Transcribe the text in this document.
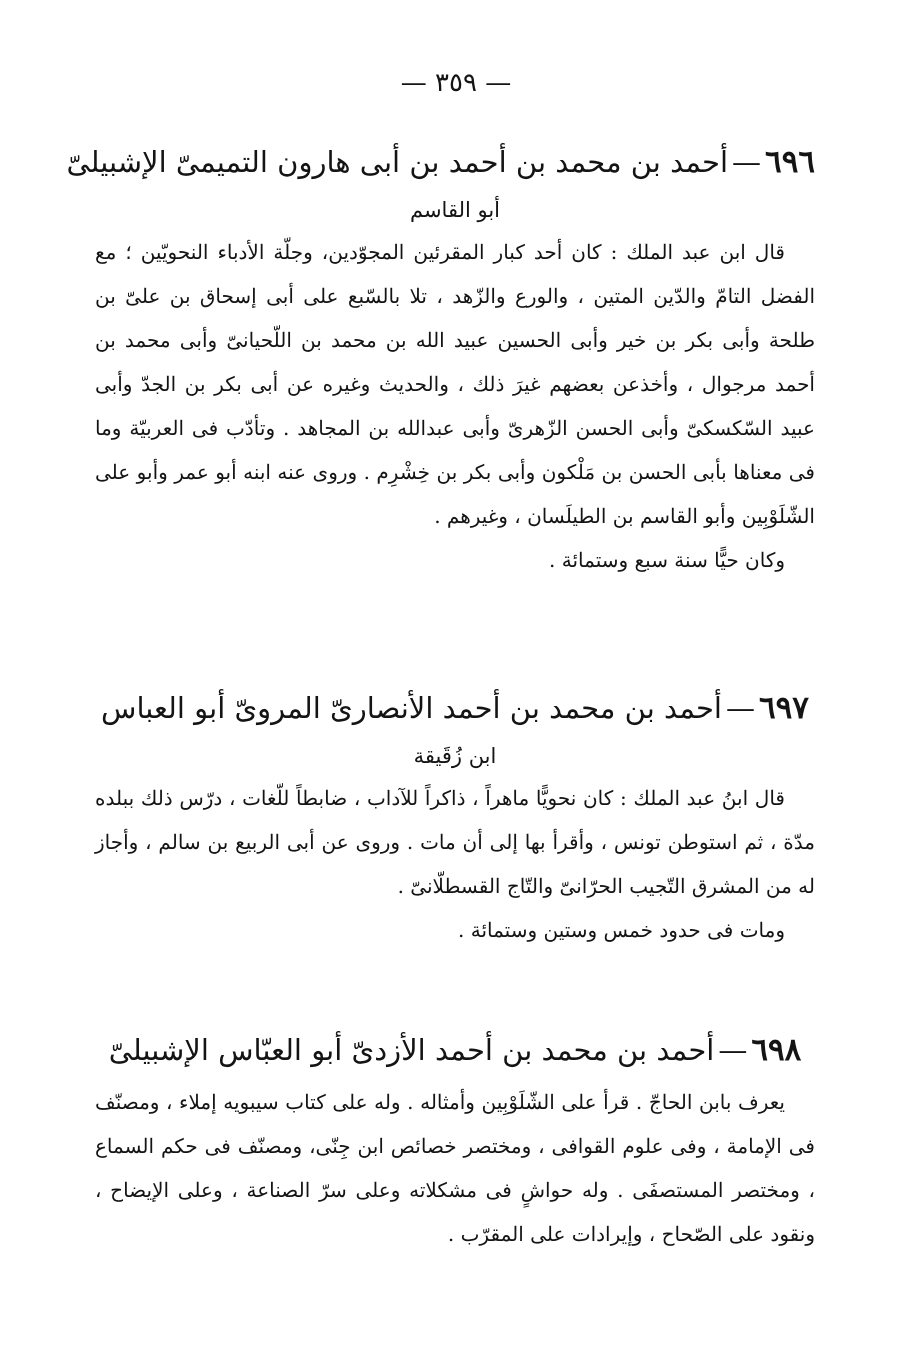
— ٣٥٩ —
٦٩٦—أحمد بن محمد بن أحمد بن أبى هارون التميمىّ الإشبيلىّ
أبو القاسم

قال ابن عبد الملك : كان أحد كبار المقرئين المجوّدين، وجلّة الأدباء النحويّين ؛ مع الفضل التامّ والدّين المتين ، والورع والزّهد ، تلا بالسّبع على أبى إسحاق بن علىّ بن طلحة وأبى بكر بن خير وأبى الحسين عبيد الله بن محمد بن اللّحيانىّ وأبى محمد بن أحمد مرجوال ، وأخذعن بعضهم غيرَ ذلك ، والحديث وغيره عن أبى بكر بن الجدّ وأبى عبيد السّكسكىّ وأبى الحسن الزّهرىّ وأبى عبدالله بن المجاهد . وتأدّب فى العربيّة وما فى معناها بأبى الحسن بن مَلْكون وأبى بكر بن خِشْرِم . وروى عنه ابنه أبو عمر وأبو على الشّلَوْبِين وأبو القاسم بن الطيلَسان ، وغيرهم .

وكان حيًّا سنة سبع وستمائة .

٦٩٧—أحمد بن محمد بن أحمد الأنصارىّ المروىّ أبو العباس
ابن زُقَيقة

قال ابنُ عبد الملك : كان نحويًّا ماهراً ، ذاكراً للآداب ، ضابطاً للّغات ، درّس ذلك ببلده مدّة ، ثم استوطن تونس ، وأقرأ بها إلى أن مات . وروى عن أبى الربيع بن سالم ، وأجاز له من المشرق التّجيب الحرّانىّ والتّاج القسطلّانىّ .

ومات فى حدود خمس وستين وستمائة .

٦٩٨—أحمد بن محمد بن أحمد الأزدىّ أبو العبّاس الإشبيلىّ

يعرف بابن الحاجّ . قرأ على الشّلَوْبِين وأمثاله . وله على كتاب سيبويه إملاء ، ومصنّف فى الإمامة ، وفى علوم القوافى ، ومختصر خصائص ابن جِنّى، ومصنّف فى حكم السماع ، ومختصر المستصفَى . وله حواشٍ فى مشكلاته وعلى سرّ الصناعة ، وعلى الإيضاح ، ونقود على الصّحاح ، وإيرادات على المقرّب .
